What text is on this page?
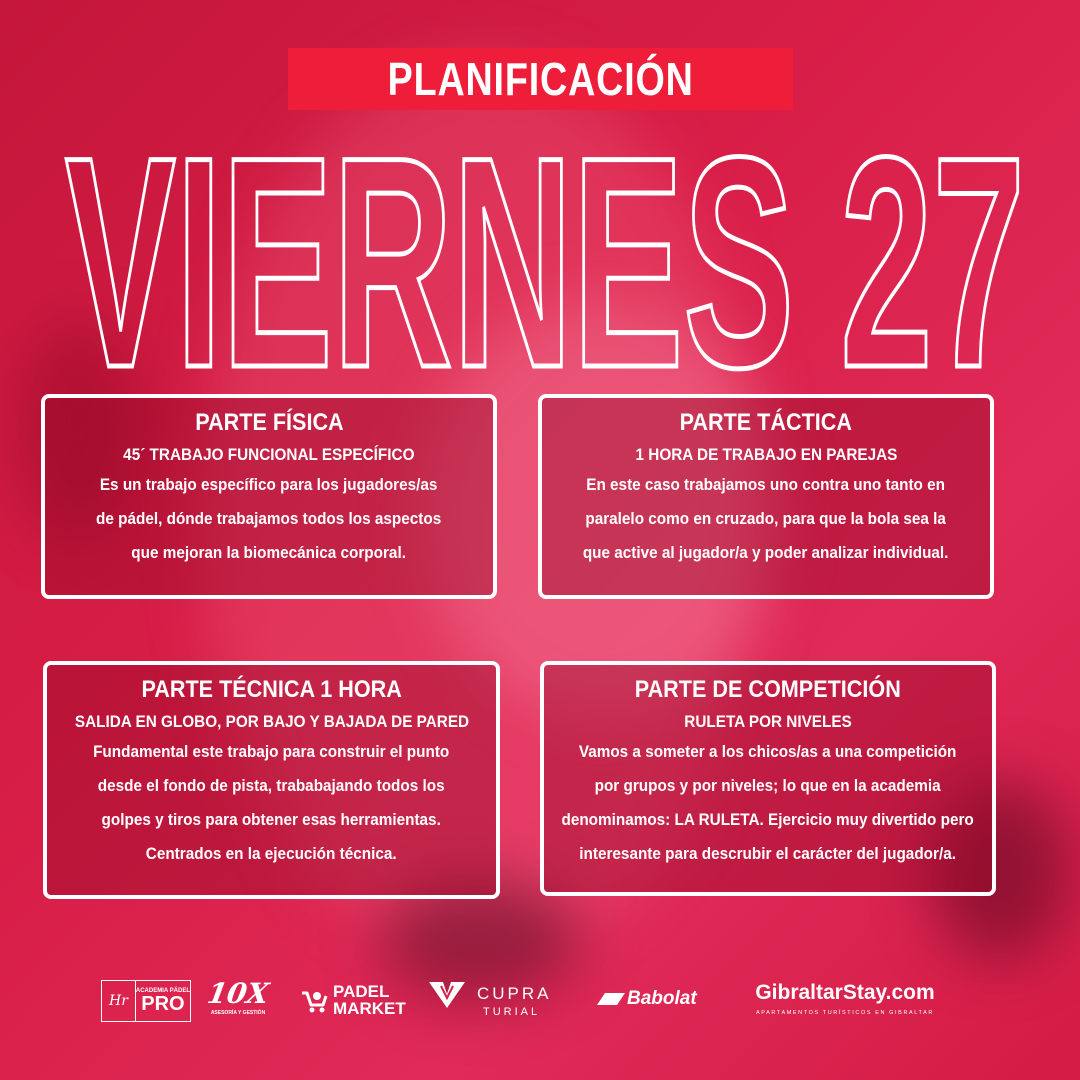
PLANIFICACIÓN
VIERNES 27
PARTE FÍSICA
45´ TRABAJO FUNCIONAL ESPECÍFICO
Es un trabajo específico para los jugadores/as
de pádel, dónde trabajamos todos los aspectos
que mejoran la biomecánica corporal.
PARTE TÁCTICA
1 HORA DE TRABAJO EN PAREJAS
En este caso trabajamos uno contra uno tanto en
paralelo como en cruzado, para que la bola sea la
que active al jugador/a y poder analizar individual.
PARTE TÉCNICA 1 HORA
SALIDA EN GLOBO, POR BAJO Y BAJADA DE PARED
Fundamental este trabajo para construir el punto
desde el fondo de pista, trababajando todos los
golpes y tiros para obtener esas herramientas.
Centrados en la ejecución técnica.
PARTE DE COMPETICIÓN
RULETA POR NIVELES
Vamos a someter a los chicos/as a una competición
por grupos y por niveles; lo que en la academia
denominamos: LA RULETA. Ejercicio muy divertido pero
interesante para descrubir el carácter del jugador/a.
Hr
ACADEMIA PÁDEL
PRO 10X
ASESORÍA Y GESTIÓN
PADEL
MARKET
CUPRA
TURIAL
Babolat	GibraltarStay.com
APARTAMENTOS TURÍSTICOS EN GIBRALTAR
